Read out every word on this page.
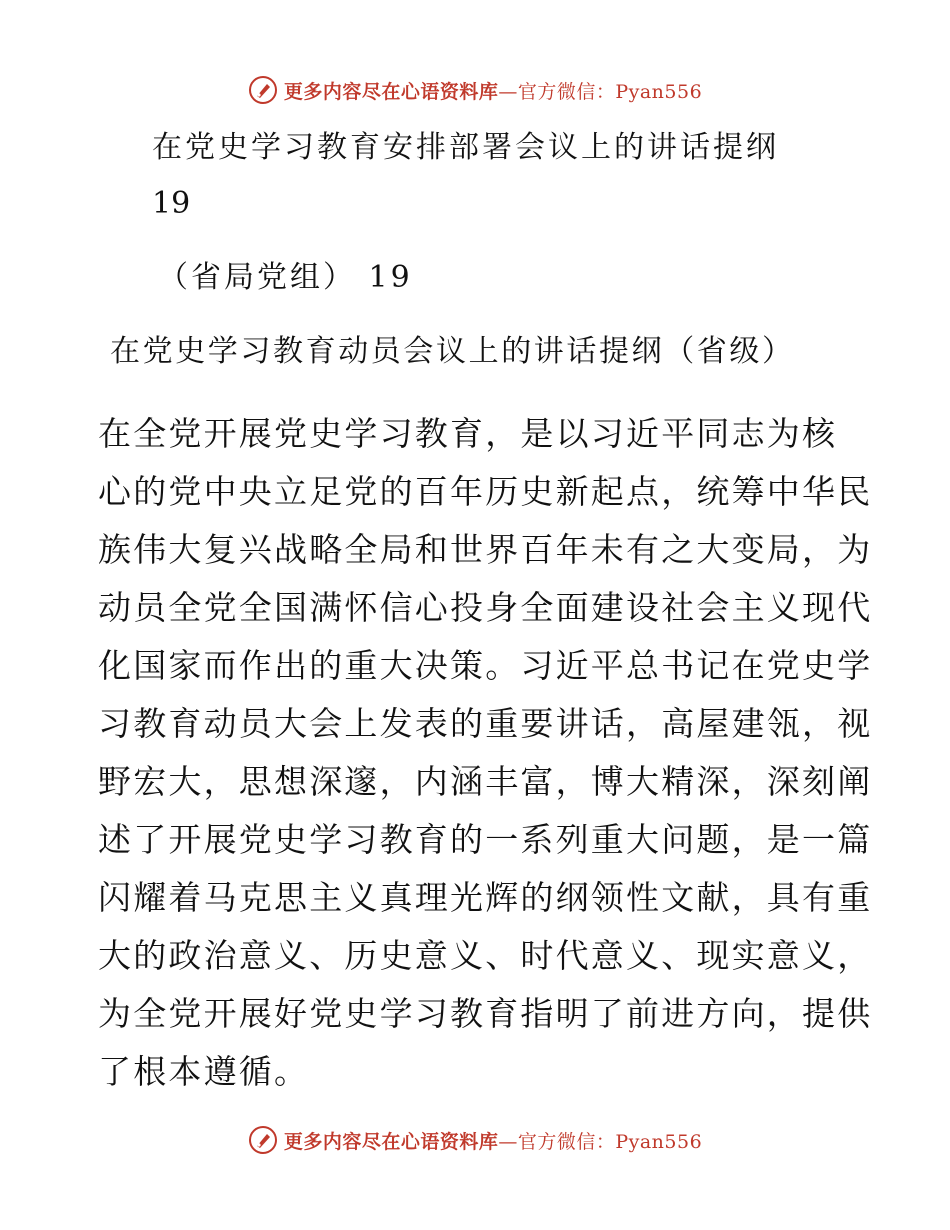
更多内容尽在心语资料库—官方微信：Pyan556
在党史学习教育安排部署会议上的讲话提纲
19
（省局党组） 19
在党史学习教育动员会议上的讲话提纲（省级）
在全党开展党史学习教育，是以习近平同志为核
心的党中央立足党的百年历史新起点，统筹中华民
族伟大复兴战略全局和世界百年未有之大变局，为
动员全党全国满怀信心投身全面建设社会主义现代
化国家而作出的重大决策。习近平总书记在党史学
习教育动员大会上发表的重要讲话，高屋建瓴，视
野宏大，思想深邃，内涵丰富，博大精深，深刻阐
述了开展党史学习教育的一系列重大问题，是一篇
闪耀着马克思主义真理光辉的纲领性文献，具有重
大的政治意义、历史意义、时代意义、现实意义，
为全党开展好党史学习教育指明了前进方向，提供
了根本遵循。
更多内容尽在心语资料库—官方微信：Pyan556
